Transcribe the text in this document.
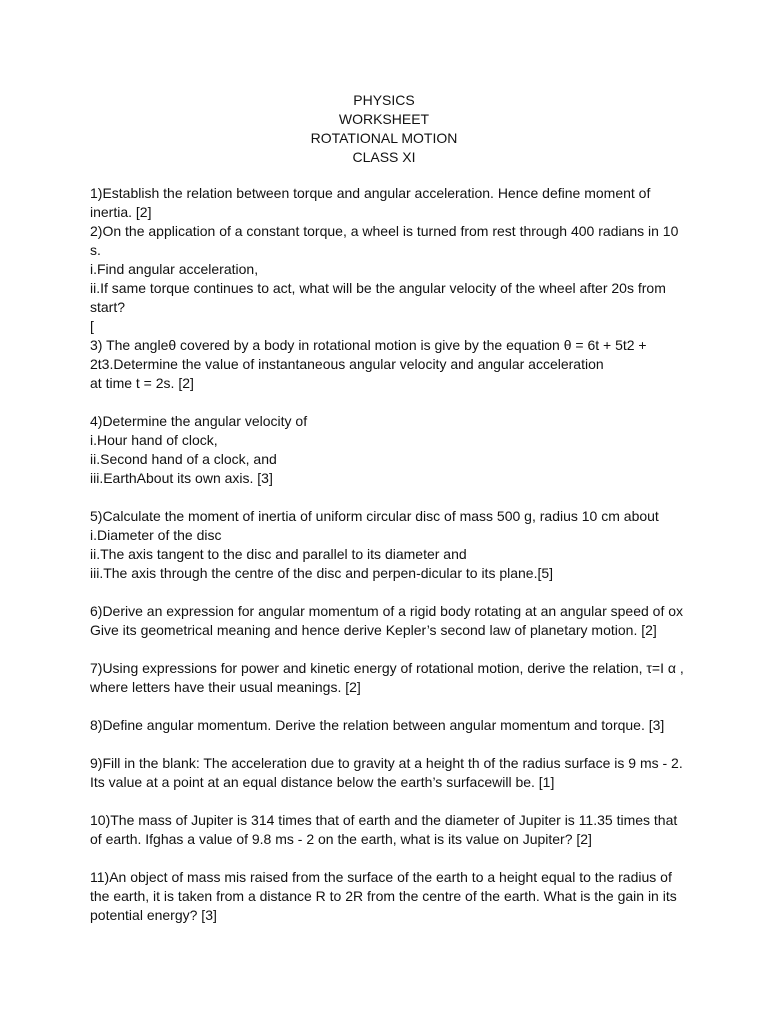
PHYSICS
WORKSHEET
ROTATIONAL MOTION
CLASS XI
1)Establish the relation between torque and angular acceleration. Hence define moment of
inertia. [2]
2)On the application of a constant torque, a wheel is turned from rest through 400 radians in 10
s.
i.Find angular acceleration,
ii.If same torque continues to act, what will be the angular velocity of the wheel after 20s from
start?
[
3) The angleθ covered by a body in rotational motion is give by the equation θ = 6t + 5t2 +
2t3.Determine the value of instantaneous angular velocity and angular acceleration
at time t = 2s. [2]
4)Determine the angular velocity of
i.Hour hand of clock,
ii.Second hand of a clock, and
iii.EarthAbout its own axis. [3]
5)Calculate the moment of inertia of uniform circular disc of mass 500 g, radius 10 cm about
i.Diameter of the disc
ii.The axis tangent to the disc and parallel to its diameter and
iii.The axis through the centre of the disc and perpen-dicular to its plane.[5]
6)Derive an expression for angular momentum of a rigid body rotating at an angular speed of ox
Give its geometrical meaning and hence derive Kepler’s second law of planetary motion. [2]
7)Using expressions for power and kinetic energy of rotational motion, derive the relation, τ=I α ,
where letters have their usual meanings. [2]
8)Define angular momentum. Derive the relation between angular momentum and torque. [3]
9)Fill in the blank: The acceleration due to gravity at a height th of the radius surface is 9 ms - 2.
Its value at a point at an equal distance below the earth’s surfacewill be. [1]
10)The mass of Jupiter is 314 times that of earth and the diameter of Jupiter is 11.35 times that
of earth. Ifghas a value of 9.8 ms - 2 on the earth, what is its value on Jupiter? [2]
11)An object of mass mis raised from the surface of the earth to a height equal to the radius of
the earth, it is taken from a distance R to 2R from the centre of the earth. What is the gain in its
potential energy? [3]
